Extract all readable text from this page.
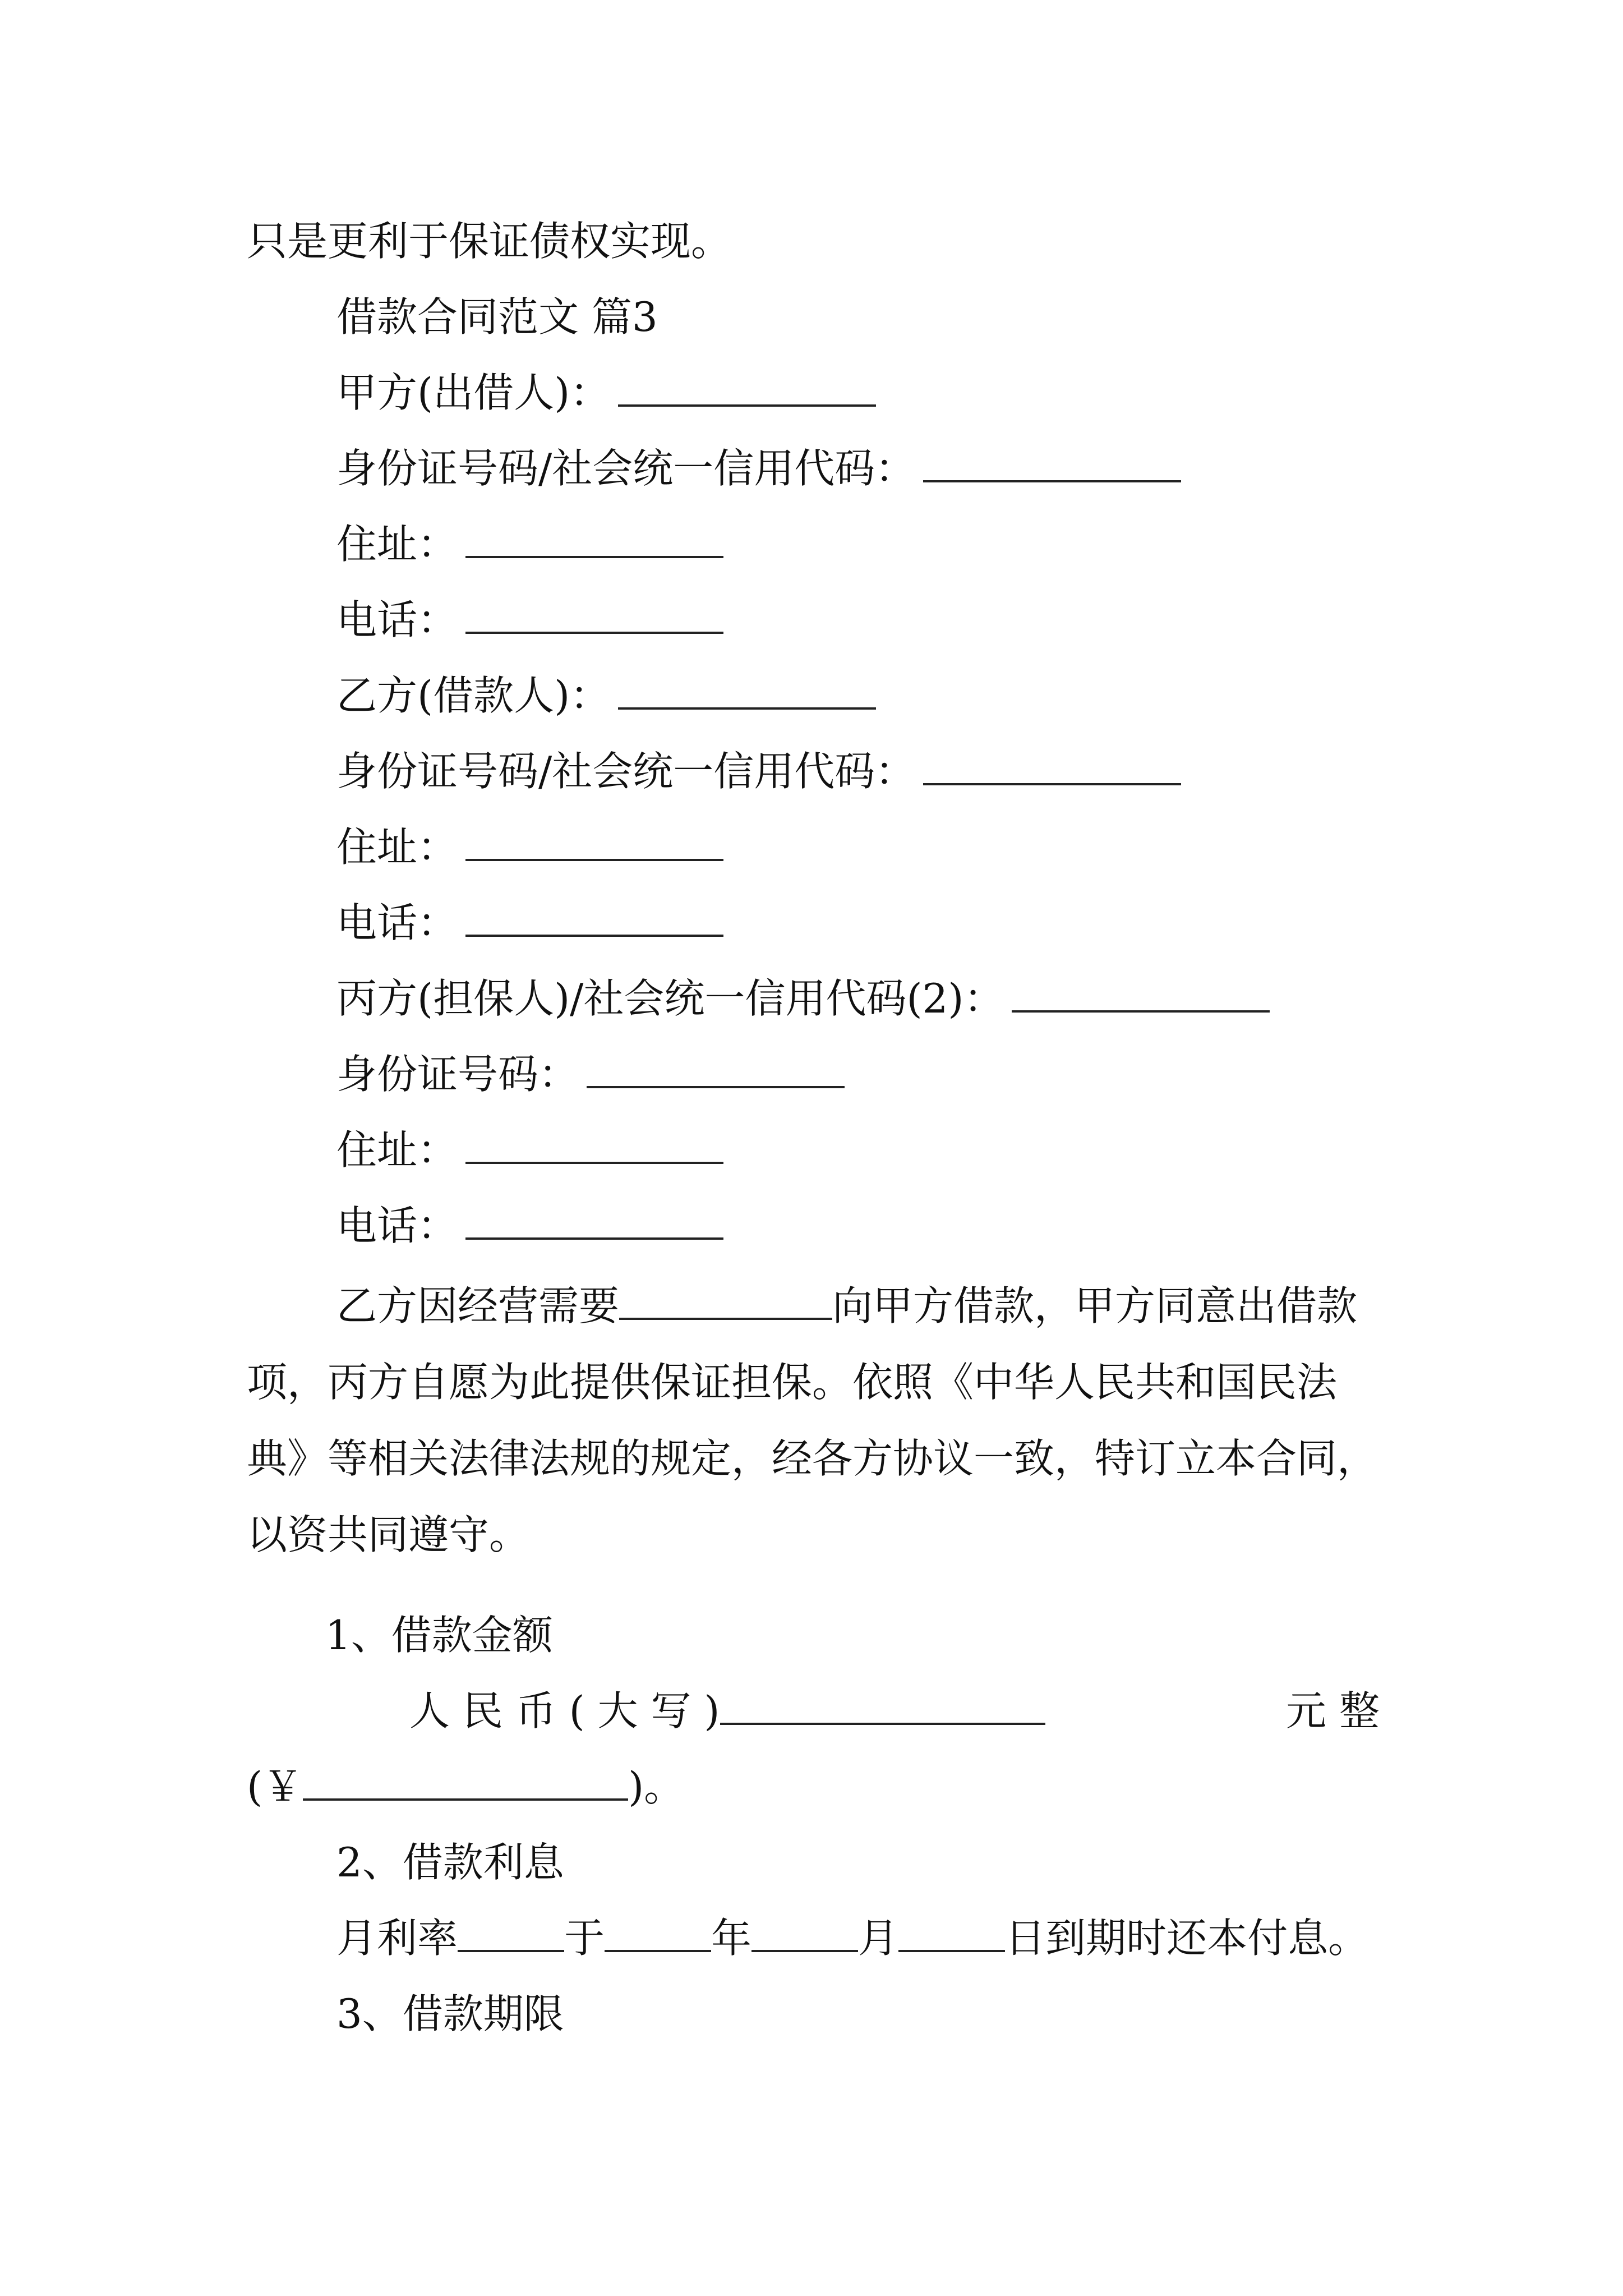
只是更利于保证债权实现。
借款合同范文 篇3
甲方(出借人)：
身份证号码/社会统一信用代码：
住址：
电话：
乙方(借款人)：
身份证号码/社会统一信用代码：
住址：
电话：
丙方(担保人)/社会统一信用代码(2)：
身份证号码：
住址：
电话：

乙方因经营需要	向甲方借款，甲方同意出借款项，丙方自愿为此提供保证担保。依照《中华人民共和国民法典》等相关法律法规的规定，经各方协议一致，特订立本合同，以资共同遵守。

1、借款金额
人 民 币 ( 大 写 )	元 整
(￥	)。
2、借款利息
月利率	于	年	月	日到期时还本付息。
3、借款期限
